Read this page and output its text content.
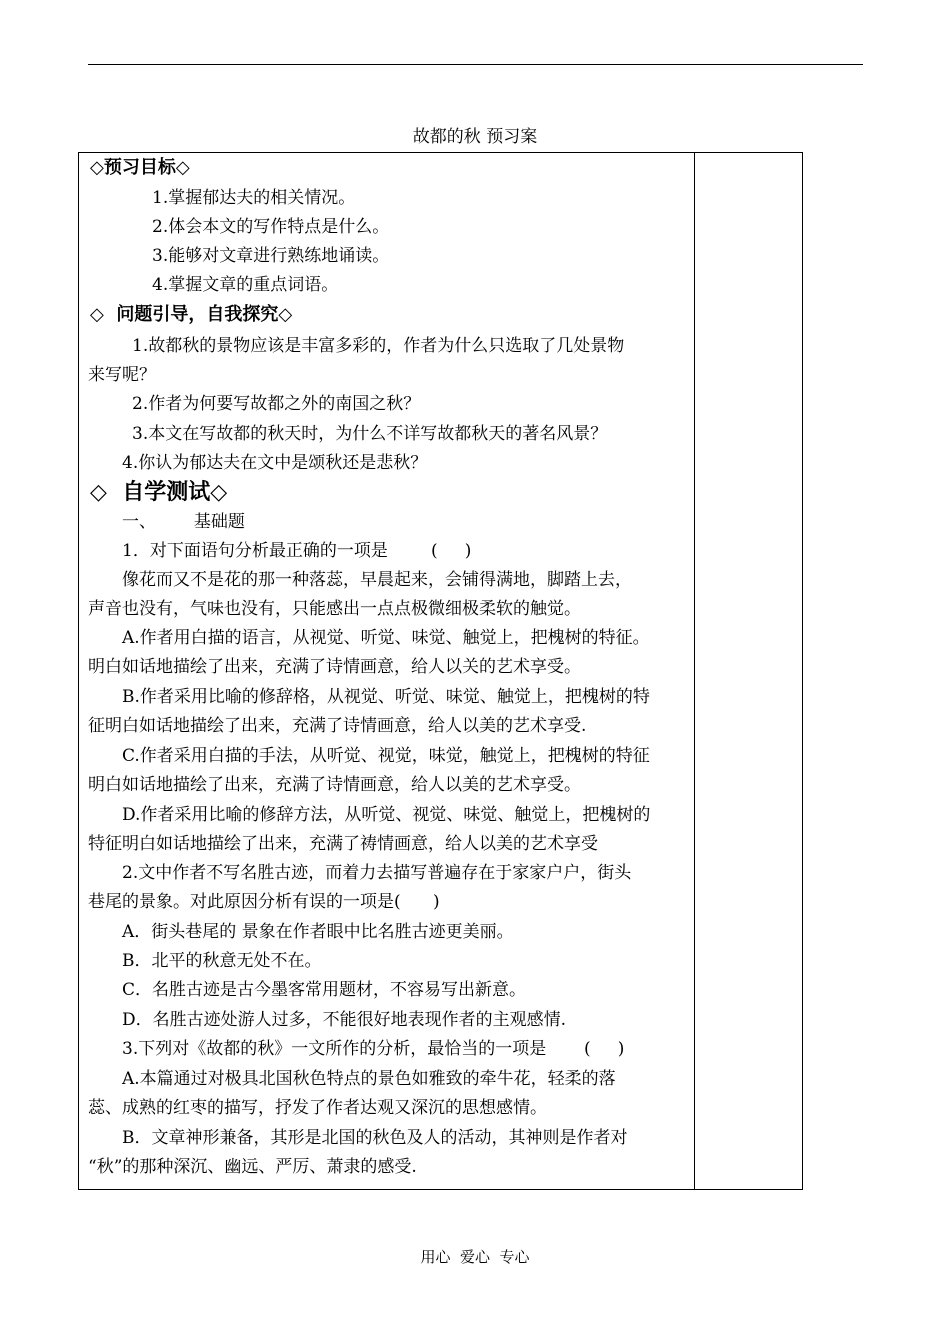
故都的秋 预习案
◇预习目标◇
1.掌握郁达夫的相关情况。
2.体会本文的写作特点是什么。
3.能够对文章进行熟练地诵读。
4.掌握文章的重点词语。
◇  问题引导，自我探究◇
1.故都秋的景物应该是丰富多彩的，作者为什么只选取了几处景物
来写呢？
2.作者为何要写故都之外的南国之秋？
3.本文在写故都的秋天时，为什么不详写故都秋天的著名风景？
4.你认为郁达夫在文中是颂秋还是悲秋？
◇  自学测试◇
一、       基础题
1．对下面语句分析最正确的一项是        (     )
像花而又不是花的那一种落蕊，早晨起来，会铺得满地，脚踏上去，
声音也没有，气味也没有，只能感出一点点极微细极柔软的触觉。
A.作者用白描的语言，从视觉、听觉、味觉、触觉上，把槐树的特征。
明白如话地描绘了出来，充满了诗情画意，给人以关的艺术享受。
B.作者采用比喻的修辞格，从视觉、听觉、味觉、触觉上，把槐树的特
征明白如话地描绘了出来，充满了诗情画意，给人以美的艺术享受.
C.作者采用白描的手法，从听觉、视觉，味觉，触觉上，把槐树的特征
明白如话地描绘了出来，充满了诗情画意，给人以美的艺术享受。
D.作者采用比喻的修辞方法，从听觉、视觉、味觉、触觉上，把槐树的
特征明白如话地描绘了出来，充满了祷情画意，给人以美的艺术享受
2.文中作者不写名胜古迹，而着力去描写普遍存在于家家户户，街头
巷尾的景象。对此原因分析有误的一项是(      )
A．街头巷尾的 景象在作者眼中比名胜古迹更美丽。
B．北平的秋意无处不在。
C．名胜古迹是古今墨客常用题材，不容易写出新意。
D．名胜古迹处游人过多，不能很好地表现作者的主观感情.
3.下列对《故都的秋》一文所作的分析，最恰当的一项是       (     )
A.本篇通过对极具北国秋色特点的景色如雅致的牵牛花，轻柔的落
蕊、成熟的红枣的描写，抒发了作者达观又深沉的思想感情。
B．文章神形兼备，其形是北国的秋色及人的活动，其神则是作者对
“秋”的那种深沉、幽远、严厉、萧隶的感受.
用心  爱心  专心
